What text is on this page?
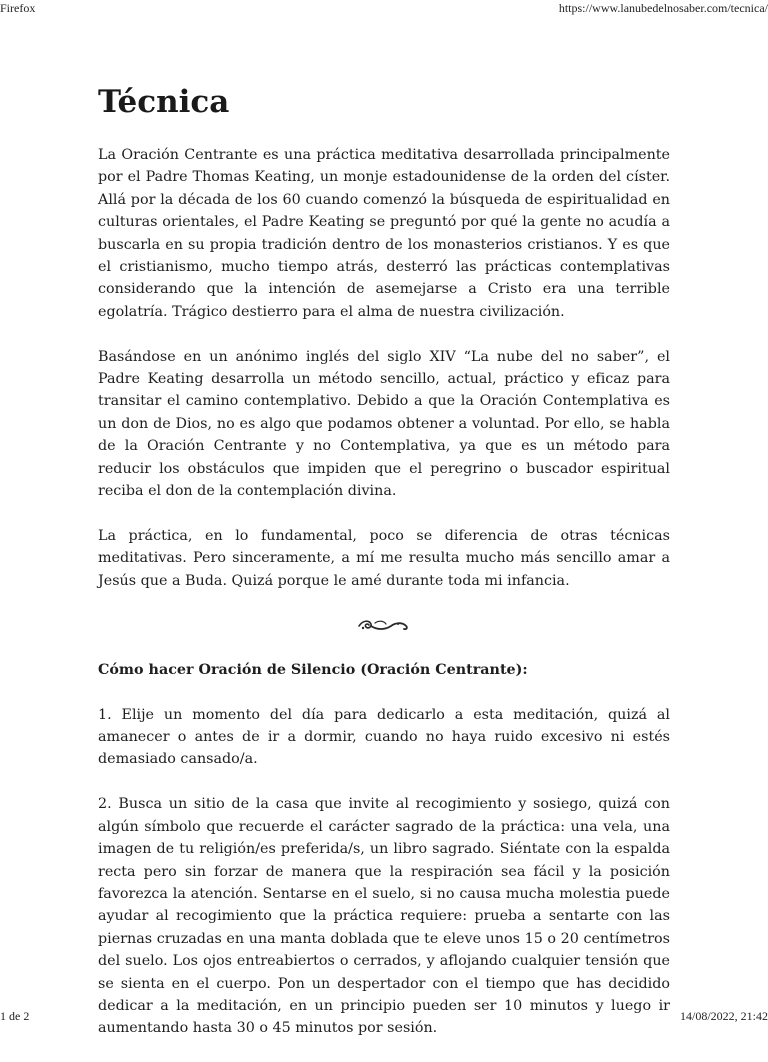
Firefox	https://www.lanubedelnosaber.com/tecnica/
Técnica

La Oración Centrante es una práctica meditativa desarrollada principalmente por el Padre Thomas Keating, un monje estadounidense de la orden del císter. Allá por la década de los 60 cuando comenzó la búsqueda de espiritualidad en culturas orientales, el Padre Keating se preguntó por qué la gente no acudía a buscarla en su propia tradición dentro de los monasterios cristianos. Y es que el cristianismo, mucho tiempo atrás, desterró las prácticas contemplativas considerando que la intención de asemejarse a Cristo era una terrible egolatría. Trágico destierro para el alma de nuestra civilización.

Basándose en un anónimo inglés del siglo XIV “La nube del no saber”, el Padre Keating desarrolla un método sencillo, actual, práctico y eficaz para transitar el camino contemplativo. Debido a que la Oración Contemplativa es un don de Dios, no es algo que podamos obtener a voluntad. Por ello, se habla de la Oración Centrante y no Contemplativa, ya que es un método para reducir los obstáculos que impiden que el peregrino o buscador espiritual reciba el don de la contemplación divina.

La práctica, en lo fundamental, poco se diferencia de otras técnicas meditativas. Pero sinceramente, a mí me resulta mucho más sencillo amar a Jesús que a Buda. Quizá porque le amé durante toda mi infancia.

Cómo hacer Oración de Silencio (Oración Centrante):

1. Elije un momento del día para dedicarlo a esta meditación, quizá al amanecer o antes de ir a dormir, cuando no haya ruido excesivo ni estés demasiado cansado/a.

2. Busca un sitio de la casa que invite al recogimiento y sosiego, quizá con algún símbolo que recuerde el carácter sagrado de la práctica: una vela, una imagen de tu religión/es preferida/s, un libro sagrado. Siéntate con la espalda recta pero sin forzar de manera que la respiración sea fácil y la posición favorezca la atención. Sentarse en el suelo, si no causa mucha molestia puede ayudar al recogimiento que la práctica requiere: prueba a sentarte con las piernas cruzadas en una manta doblada que te eleve unos 15 o 20 centímetros del suelo. Los ojos entreabiertos o cerrados, y aflojando cualquier tensión que se sienta en el cuerpo. Pon un despertador con el tiempo que has decidido dedicar a la meditación, en un principio pueden ser 10 minutos y luego ir aumentando hasta 30 o 45 minutos por sesión.

1 de 2	14/08/2022, 21:42
